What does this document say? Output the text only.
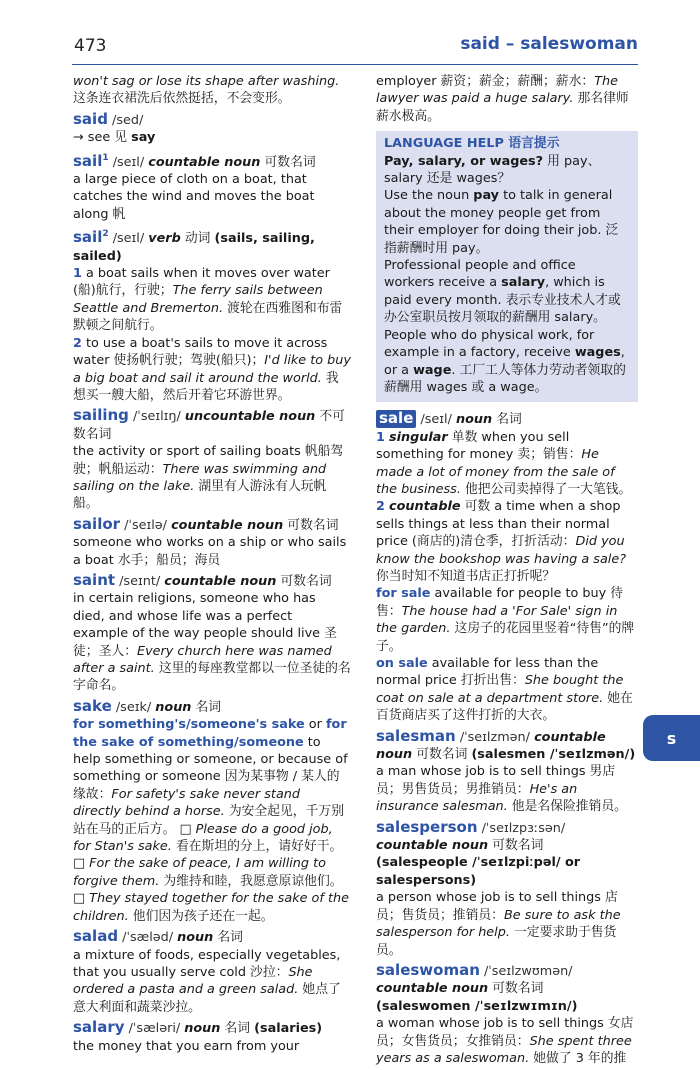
473	said – saleswoman
won't sag or lose its shape after washing.
这条连衣裙洗后依然挺括，不会变形。
said /sed/
→ see 见 say
sail$^1$ /seɪl/ countable noun 可数名词
a large piece of cloth on a boat, that catches the wind and moves the boat along 帆
sail$^2$ /seɪl/ verb 动词 (sails, sailing, sailed)
1 a boat sails when it moves over water (船)航行，行驶；The ferry sails between Seattle and Bremerton. 渡轮在西雅图和布雷默顿之间航行。
2 to use a boat's sails to move it across water 使扬帆行驶；驾驶(船只)；I'd like to buy a big boat and sail it around the world. 我想买一艘大船，然后开着它环游世界。
sailing /ˈseɪlɪŋ/ uncountable noun 不可数名词
the activity or sport of sailing boats 帆船驾驶；帆船运动：There was swimming and sailing on the lake. 湖里有人游泳有人玩帆船。
sailor /ˈseɪlə/ countable noun 可数名词
someone who works on a ship or who sails a boat 水手；船员；海员
saint /seɪnt/ countable noun 可数名词
in certain religions, someone who has died, and whose life was a perfect example of the way people should live 圣徒；圣人：Every church here was named after a saint. 这里的每座教堂都以一位圣徒的名字命名。
sake /seɪk/ noun 名词
for something's/someone's sake or for the sake of something/someone to help something or someone, or because of something or someone 因为某事物 / 某人的缘故：For safety's sake never stand directly behind a horse. 为安全起见，千万别站在马的正后方。 □ Please do a good job, for Stan's sake. 看在斯坦的分上，请好好干。 □ For the sake of peace, I am willing to forgive them. 为维持和睦，我愿意原谅他们。 □ They stayed together for the sake of the children. 他们因为孩子还在一起。
salad /ˈsæləd/ noun 名词
a mixture of foods, especially vegetables, that you usually serve cold 沙拉：She ordered a pasta and a green salad. 她点了意大利面和蔬菜沙拉。
salary /ˈsæləri/ noun 名词 (salaries)
the money that you earn from your
employer 薪资；薪金；薪酬；薪水：The lawyer was paid a huge salary. 那名律师薪水极高。
LANGUAGE HELP 语言提示

Pay, salary, or wages? 用 pay、salary 还是 wages？

Use the noun pay to talk in general about the money people get from their employer for doing their job. 泛指薪酬时用 pay。

Professional people and office workers receive a salary, which is paid every month. 表示专业技术人才或办公室职员按月领取的薪酬用 salary。

People who do physical work, for example in a factory, receive wages, or a wage. 工厂工人等体力劳动者领取的薪酬用 wages 或 a wage。

sale /seɪl/ noun 名词
1 singular 单数 when you sell something for money 卖；销售：He made a lot of money from the sale of the business. 他把公司卖掉得了一大笔钱。
2 countable 可数 a time when a shop sells things at less than their normal price (商店的)清仓季，打折活动：Did you know the bookshop was having a sale? 你当时知不知道书店正打折呢？
for sale available for people to buy 待售：The house had a 'For Sale' sign in the garden. 这房子的花园里竖着“待售”的牌子。
on sale available for less than the normal price 打折出售：She bought the coat on sale at a department store. 她在百货商店买了这件打折的大衣。
salesman /ˈseɪlzmən/ countable noun 可数名词 (salesmen /ˈseɪlzmən/)
a man whose job is to sell things 男店员；男售货员；男推销员：He's an insurance salesman. 他是名保险推销员。
salesperson /ˈseɪlzpɜːsən/ countable noun 可数名词 (salespeople /ˈseɪlzpiːpəl/ or salespersons)
a person whose job is to sell things 店员；售货员；推销员：Be sure to ask the salesperson for help. 一定要求助于售货员。
saleswoman /ˈseɪlzwʊmən/ countable noun 可数名词 (saleswomen /ˈseɪlzwɪmɪn/)
a woman whose job is to sell things 女店员；女售货员；女推销员：She spent three years as a saleswoman. 她做了 3 年的推
s
